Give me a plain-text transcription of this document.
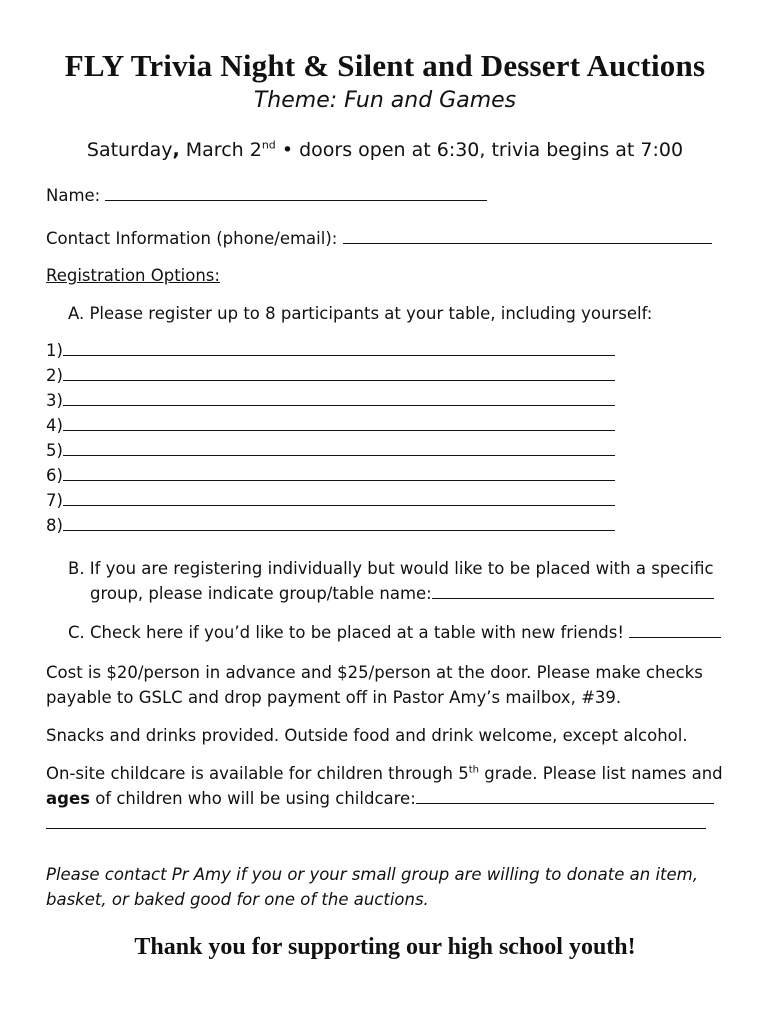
FLY Trivia Night & Silent and Dessert Auctions
Theme: Fun and Games
Saturday, March 2nd • doors open at 6:30, trivia begins at 7:00
Name:
Contact Information (phone/email):
Registration Options:
A. Please register up to 8 participants at your table, including yourself:
1)
2)
3)
4)
5)
6)
7)
8)
B. If you are registering individually but would like to be placed with a specific
group, please indicate group/table name:
C. Check here if you’d like to be placed at a table with new friends!
Cost is $20/person in advance and $25/person at the door. Please make checks
payable to GSLC and drop payment off in Pastor Amy’s mailbox, #39.
Snacks and drinks provided. Outside food and drink welcome, except alcohol.
On-site childcare is available for children through 5th grade. Please list names and
ages of children who will be using childcare:
Please contact Pr Amy if you or your small group are willing to donate an item,
basket, or baked good for one of the auctions.
Thank you for supporting our high school youth!
